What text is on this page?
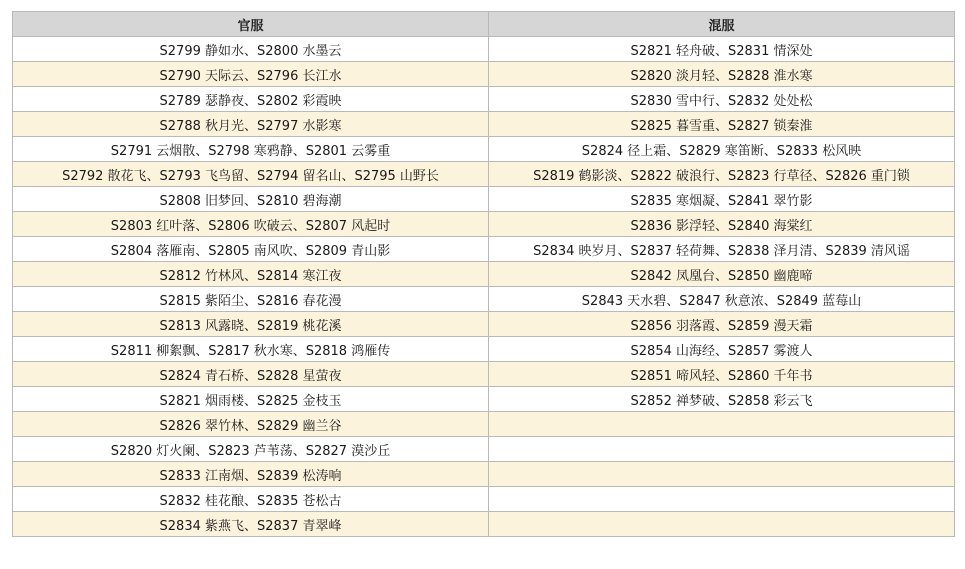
官服	混服
S2799 静如水、S2800 水墨云	S2821 轻舟破、S2831 情深处
S2790 天际云、S2796 长江水	S2820 淡月轻、S2828 淮水寒
S2789 瑟静夜、S2802 彩霞映	S2830 雪中行、S2832 处处松
S2788 秋月光、S2797 水影寒	S2825 暮雪重、S2827 锁秦淮
S2791 云烟散、S2798 寒鸦静、S2801 云雾重	S2824 径上霜、S2829 寒笛断、S2833 松风映
S2792 散花飞、S2793 飞鸟留、S2794 留名山、S2795 山野长	S2819 鹤影淡、S2822 破浪行、S2823 行草径、S2826 重门锁
S2808 旧梦回、S2810 碧海潮	S2835 寒烟凝、S2841 翠竹影
S2803 红叶落、S2806 吹破云、S2807 风起时	S2836 影浮轻、S2840 海棠红
S2804 落雁南、S2805 南风吹、S2809 青山影	S2834 映岁月、S2837 轻荷舞、S2838 泽月清、S2839 清风谣
S2812 竹林风、S2814 寒江夜	S2842 凤凰台、S2850 幽鹿啼
S2815 紫陌尘、S2816 春花漫	S2843 天水碧、S2847 秋意浓、S2849 蓝莓山
S2813 风露晓、S2819 桃花溪	S2856 羽落霞、S2859 漫天霜
S2811 柳絮飘、S2817 秋水寒、S2818 鸿雁传	S2854 山海经、S2857 雾渡人
S2824 青石桥、S2828 星萤夜	S2851 啼风轻、S2860 千年书
S2821 烟雨楼、S2825 金枝玉	S2852 禅梦破、S2858 彩云飞
S2826 翠竹林、S2829 幽兰谷	
S2820 灯火阑、S2823 芦苇荡、S2827 漠沙丘	
S2833 江南烟、S2839 松涛响	
S2832 桂花酿、S2835 苍松古	
S2834 紫燕飞、S2837 青翠峰	
